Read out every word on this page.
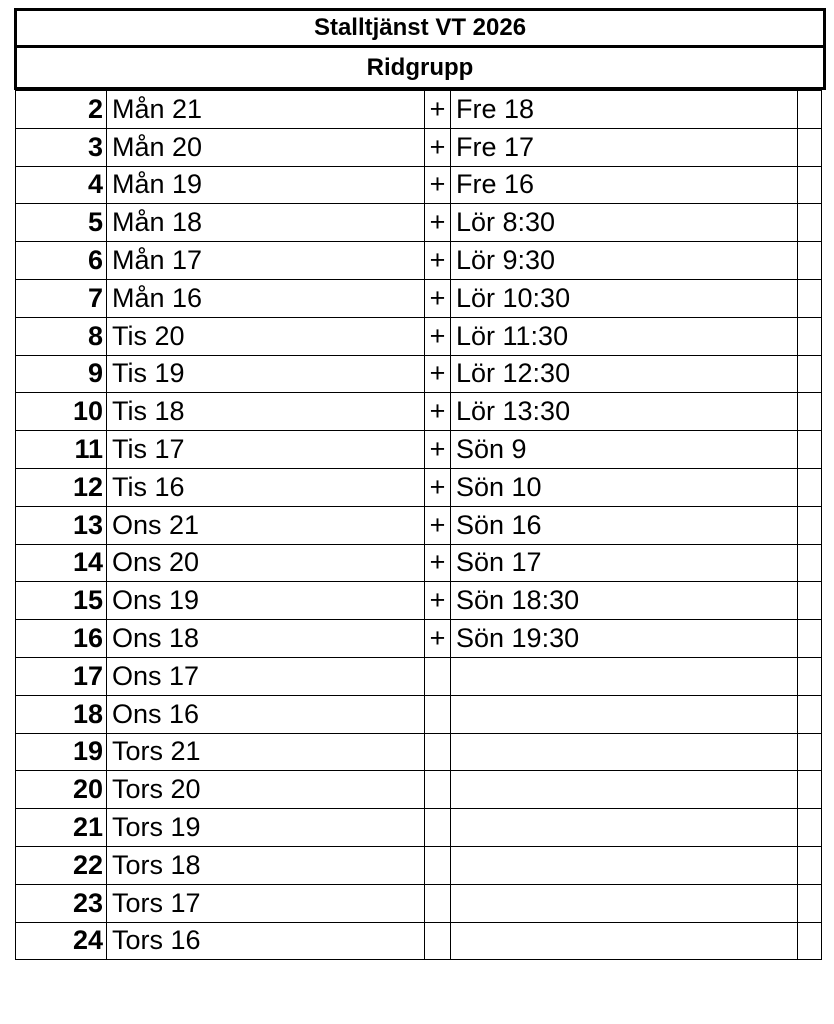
Stalltjänst VT 2026
Ridgrupp
2	Mån 21	+	Fre 18	
3	Mån 20	+	Fre 17	
4	Mån 19	+	Fre 16	
5	Mån 18	+	Lör 8:30	
6	Mån 17	+	Lör 9:30	
7	Mån 16	+	Lör 10:30	
8	Tis 20	+	Lör 11:30	
9	Tis 19	+	Lör 12:30	
10	Tis 18	+	Lör 13:30	
11	Tis 17	+	Sön 9	
12	Tis 16	+	Sön 10	
13	Ons 21	+	Sön 16	
14	Ons 20	+	Sön 17	
15	Ons 19	+	Sön 18:30	
16	Ons 18	+	Sön 19:30	
17	Ons 17			
18	Ons 16			
19	Tors 21			
20	Tors 20			
21	Tors 19			
22	Tors 18			
23	Tors 17			
24	Tors 16			
